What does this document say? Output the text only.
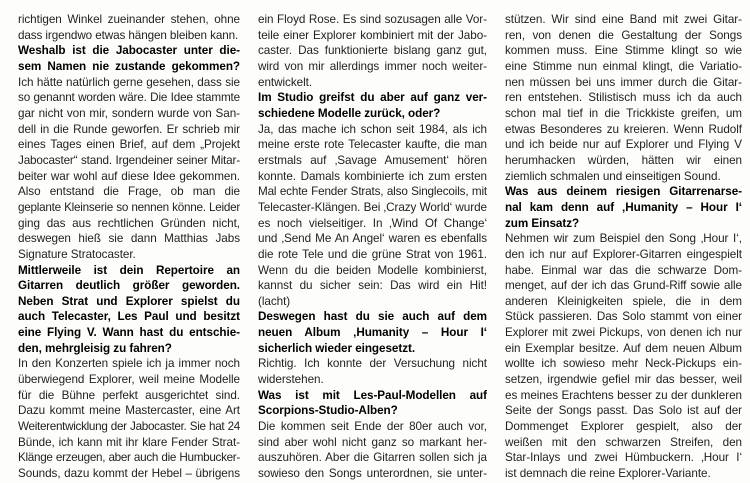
richtigen Winkel zueinander stehen, ohne
dass irgendwo etwas hängen bleiben kann.
Weshalb ist die Jabocaster unter die-
sem Namen nie zustande gekommen?
Ich hätte natürlich gerne gesehen, dass sie
so genannt worden wäre. Die Idee stammte
gar nicht von mir, sondern wurde von San-
dell in die Runde geworfen. Er schrieb mir
eines Tages einen Brief, auf dem „Projekt
Jabocaster“ stand. Irgendeiner seiner Mitar-
beiter war wohl auf diese Idee gekommen.
Also entstand die Frage, ob man die
geplante Kleinserie so nennen könne. Leider
ging das aus rechtlichen Gründen nicht,
deswegen hieß sie dann Matthias Jabs
Signature Stratocaster.
Mittlerweile ist dein Repertoire an
Gitarren deutlich größer geworden.
Neben Strat und Explorer spielst du
auch Telecaster, Les Paul und besitzt
eine Flying V. Wann hast du entschie-
den, mehrgleisig zu fahren?
In den Konzerten spiele ich ja immer noch
überwiegend Explorer, weil meine Modelle
für die Bühne perfekt ausgerichtet sind.
Dazu kommt meine Mastercaster, eine Art
Weiterentwicklung der Jabocaster. Sie hat 24
Bünde, ich kann mit ihr klare Fender Strat-
Klänge erzeugen, aber auch die Humbucker-
Sounds, dazu kommt der Hebel – übrigens
ein Floyd Rose. Es sind sozusagen alle Vor-
teile einer Explorer kombiniert mit der Jabo-
caster. Das funktionierte bislang ganz gut,
wird von mir allerdings immer noch weiter-
entwickelt.
Im Studio greifst du aber auf ganz ver-
schiedene Modelle zurück, oder?
Ja, das mache ich schon seit 1984, als ich
meine erste rote Telecaster kaufte, die man
erstmals auf ‚Savage Amusement‘ hören
konnte. Damals kombinierte ich zum ersten
Mal echte Fender Strats, also Singlecoils, mit
Telecaster-Klängen. Bei ‚Crazy World‘ wurde
es noch vielseitiger. In ‚Wind Of Change‘
und ‚Send Me An Angel‘ waren es ebenfalls
die rote Tele und die grüne Strat von 1961.
Wenn du die beiden Modelle kombinierst,
kannst du sicher sein: Das wird ein Hit!
(lacht)
Deswegen hast du sie auch auf dem
neuen Album ‚Humanity – Hour I‘
sicherlich wieder eingesetzt.
Richtig. Ich konnte der Versuchung nicht
widerstehen.
Was ist mit Les-Paul-Modellen auf
Scorpions-Studio-Alben?
Die kommen seit Ende der 80er auch vor,
sind aber wohl nicht ganz so markant her-
auszuhören. Aber die Gitarren sollen sich ja
sowieso den Songs unterordnen, sie unter-
stützen. Wir sind eine Band mit zwei Gitar-
ren, von denen die Gestaltung der Songs
kommen muss. Eine Stimme klingt so wie
eine Stimme nun einmal klingt, die Variatio-
nen müssen bei uns immer durch die Gitar-
ren entstehen. Stilistisch muss ich da auch
schon mal tief in die Trickkiste greifen, um
etwas Besonderes zu kreieren. Wenn Rudolf
und ich beide nur auf Explorer und Flying V
herumhacken würden, hätten wir einen
ziemlich schmalen und einseitigen Sound.
Was aus deinem riesigen Gitarrenarse-
nal kam denn auf ‚Humanity – Hour I‘
zum Einsatz?
Nehmen wir zum Beispiel den Song ‚Hour I‘,
den ich nur auf Explorer-Gitarren eingespielt
habe. Einmal war das die schwarze Dom-
menget, auf der ich das Grund-Riff sowie alle
anderen Kleinigkeiten spiele, die in dem
Stück passieren. Das Solo stammt von einer
Explorer mit zwei Pickups, von denen ich nur
ein Exemplar besitze. Auf dem neuen Album
wollte ich sowieso mehr Neck-Pickups ein-
setzen, irgendwie gefiel mir das besser, weil
es meines Erachtens besser zu der dunkleren
Seite der Songs passt. Das Solo ist auf der
Dommenget Explorer gespielt, also der
weißen mit den schwarzen Streifen, den
Star-Inlays und zwei Hümbuckern. ‚Hour I‘
ist demnach die reine Explorer-Variante.
